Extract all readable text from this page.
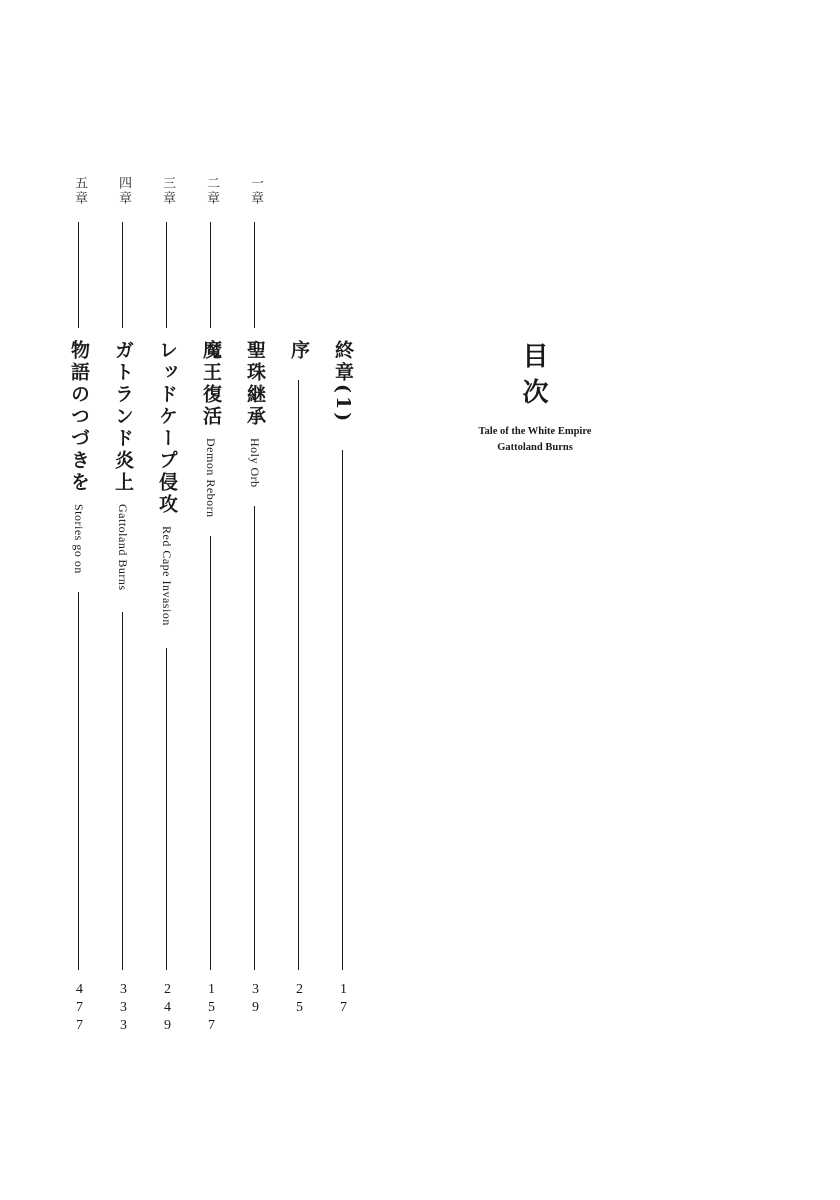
目次
Tale of the White Empire
Gattoland Burns
終章(1)
17
序
25
一章
聖珠継承Holy Orb
39
二章
魔王復活Demon Reborn
157
三章
レッドケープ侵攻Red Cape Invasion
249
四章
ガトランド炎上Gattoland Burns
333
五章
物語のつづきをStories go on
477
